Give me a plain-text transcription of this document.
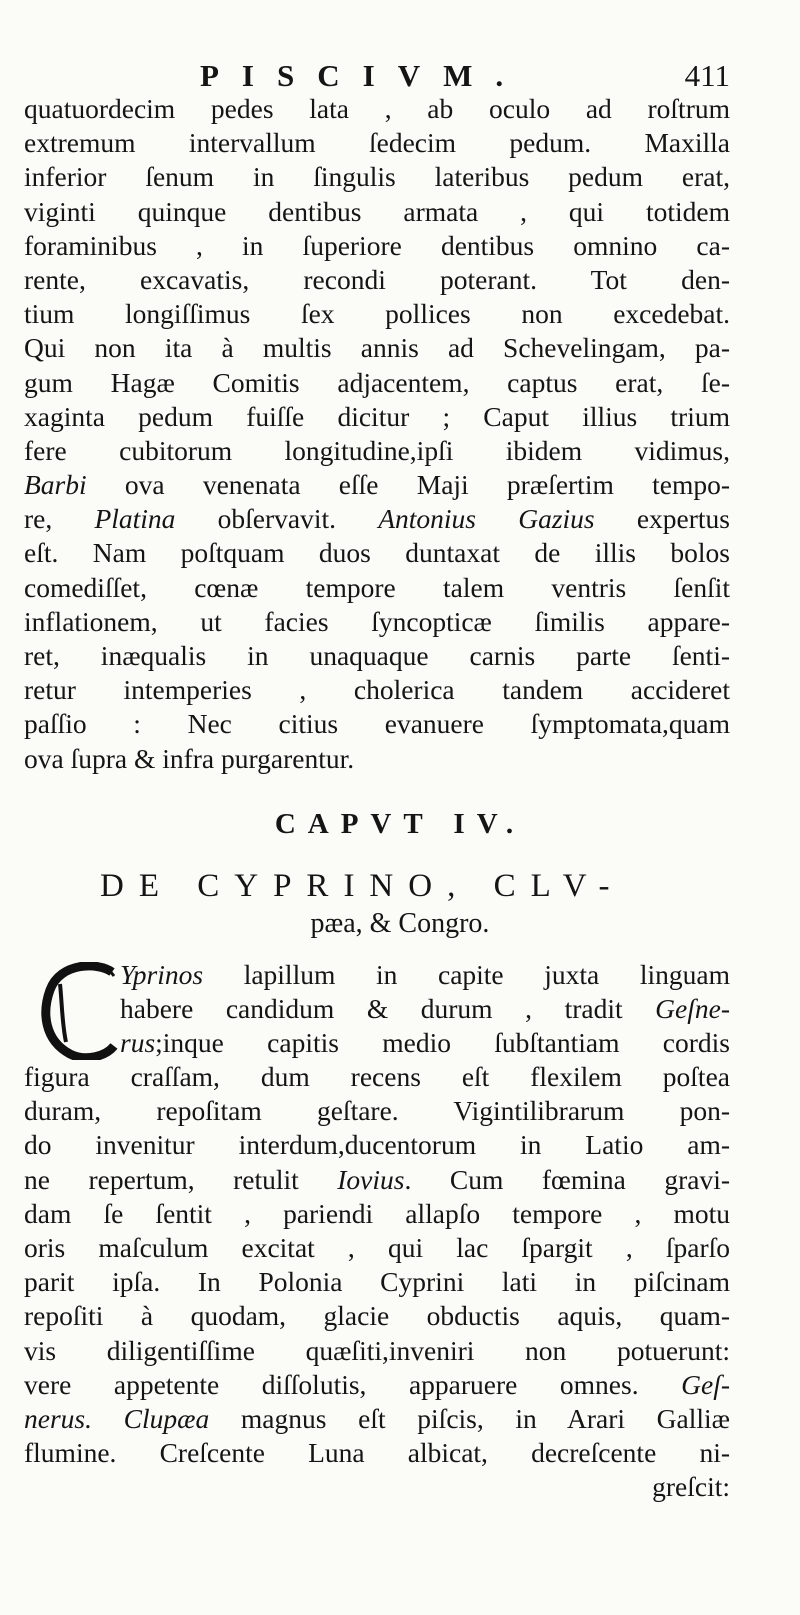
PISCIVM.	411
quatuordecim pedes lata , ab oculo ad roſtrum
extremum intervallum ſedecim pedum. Maxilla
inferior ſenum in ſingulis lateribus pedum erat,
viginti quinque dentibus armata , qui totidem
foraminibus , in ſuperiore dentibus omnino ca-
rente, excavatis, recondi poterant. Tot den-
tium longiſſimus ſex pollices non excedebat.
Qui non ita à multis annis ad Schevelingam, pa-
gum Hagæ Comitis adjacentem, captus erat, ſe-
xaginta pedum fuiſſe dicitur ; Caput illius trium
fere cubitorum longitudine,ipſi ibidem vidimus,
Barbi ova venenata eſſe Maji præſertim tempo-
re, Platina obſervavit. Antonius Gazius expertus
eſt. Nam poſtquam duos duntaxat de illis bolos
comediſſet, cœnæ tempore talem ventris ſenſit
inflationem, ut facies ſyncopticæ ſimilis appare-
ret, inæqualis in unaquaque carnis parte ſenti-
retur intemperies , cholerica tandem accideret
paſſio : Nec citius evanuere ſymptomata,quam
ova ſupra & infra purgarentur.
CAPVT IV.
DE CYPRINO, CLV-
pæa, & Congro.
Yprinos lapillum in capite juxta linguam
habere candidum & durum , tradit Geſne-
rus;inque capitis medio ſubſtantiam cordis
figura craſſam, dum recens eſt flexilem poſtea
duram, repoſitam geſtare. Vigintilibrarum pon-
do invenitur interdum,ducentorum in Latio am-
ne repertum, retulit Iovius. Cum fœmina gravi-
dam ſe ſentit , pariendi allapſo tempore , motu
oris maſculum excitat , qui lac ſpargit , ſparſo
parit ipſa. In Polonia Cyprini lati in piſcinam
repoſiti à quodam, glacie obductis aquis, quam-
vis diligentiſſime quæſiti,inveniri non potuerunt:
vere appetente diſſolutis, apparuere omnes. Geſ-
nerus. Clupæa magnus eſt piſcis, in Arari Galliæ
flumine. Creſcente Luna albicat, decreſcente ni-
greſcit:
